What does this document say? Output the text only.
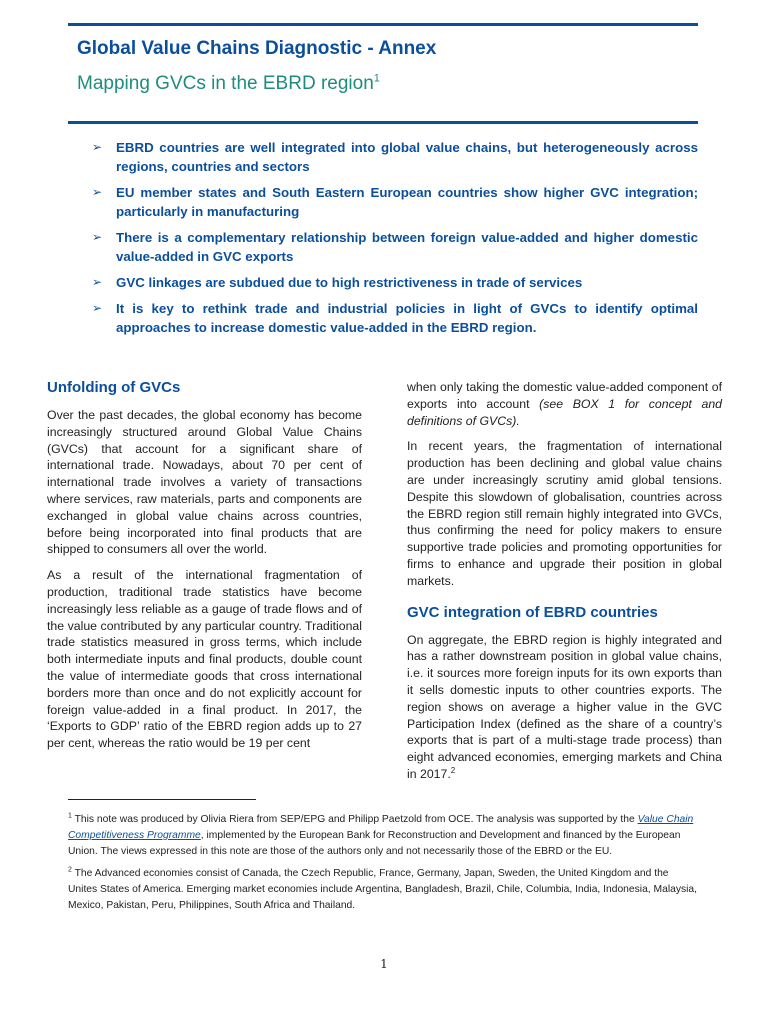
Global Value Chains Diagnostic - Annex
Mapping GVCs in the EBRD region$^1$
➢ EBRD countries are well integrated into global value chains, but heterogeneously across regions, countries and sectors
➢ EU member states and South Eastern European countries show higher GVC integration; particularly in manufacturing
➢ There is a complementary relationship between foreign value-added and higher domestic value-added in GVC exports
➢ GVC linkages are subdued due to high restrictiveness in trade of services
➢ It is key to rethink trade and industrial policies in light of GVCs to identify optimal approaches to increase domestic value-added in the EBRD region.
Unfolding of GVCs

Over the past decades, the global economy has become increasingly structured around Global Value Chains (GVCs) that account for a significant share of international trade. Nowadays, about 70 per cent of international trade involves a variety of transactions where services, raw materials, parts and components are exchanged in global value chains across countries, before being incorporated into final products that are shipped to consumers all over the world.

As a result of the international fragmentation of production, traditional trade statistics have become increasingly less reliable as a gauge of trade flows and of the value contributed by any particular country. Traditional trade statistics measured in gross terms, which include both intermediate inputs and final products, double count the value of intermediate goods that cross international borders more than once and do not explicitly account for foreign value-added in a final product. In 2017, the ‘Exports to GDP’ ratio of the EBRD region adds up to 27 per cent, whereas the ratio would be 19 per cent

when only taking the domestic value-added component of exports into account (see BOX 1 for concept and definitions of GVCs).

In recent years, the fragmentation of international production has been declining and global value chains are under increasingly scrutiny amid global tensions. Despite this slowdown of globalisation, countries across the EBRD region still remain highly integrated into GVCs, thus confirming the need for policy makers to ensure supportive trade policies and promoting opportunities for firms to enhance and upgrade their position in global markets.

GVC integration of EBRD countries

On aggregate, the EBRD region is highly integrated and has a rather downstream position in global value chains, i.e. it sources more foreign inputs for its own exports than it sells domestic inputs to other countries exports. The region shows on average a higher value in the GVC Participation Index (defined as the share of a country’s exports that is part of a multi-stage trade process) than eight advanced economies, emerging markets and China in 2017.$^2$

$^1$ This note was produced by Olivia Riera from SEP/EPG and Philipp Paetzold from OCE. The analysis was supported by the Value Chain Competitiveness Programme, implemented by the European Bank for Reconstruction and Development and financed by the European Union. The views expressed in this note are those of the authors only and not necessarily those of the EBRD or the EU.

$^2$ The Advanced economies consist of Canada, the Czech Republic, France, Germany, Japan, Sweden, the United Kingdom and the Unites States of America. Emerging market economies include Argentina, Bangladesh, Brazil, Chile, Columbia, India, Indonesia, Malaysia, Mexico, Pakistan, Peru, Philippines, South Africa and Thailand.

1
